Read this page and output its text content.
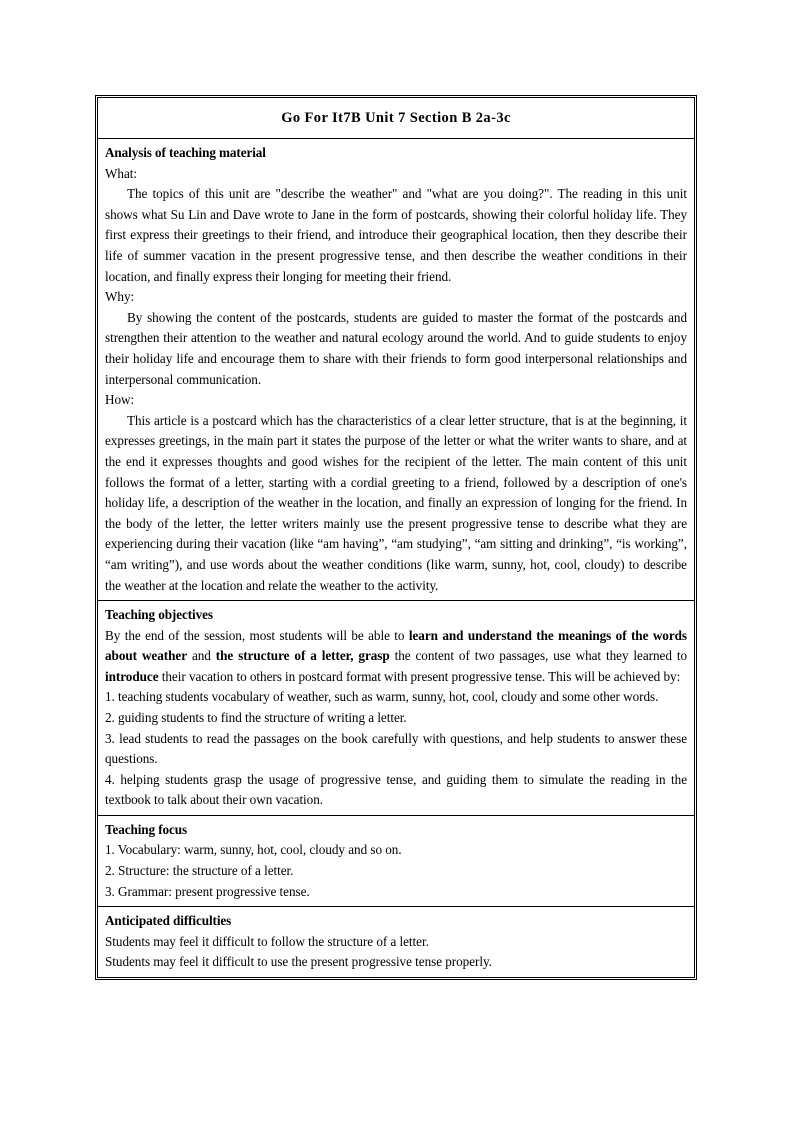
Go For It7B Unit 7 Section B 2a-3c
Analysis of teaching material

What:

The topics of this unit are "describe the weather" and "what are you doing?". The reading in this unit shows what Su Lin and Dave wrote to Jane in the form of postcards, showing their colorful holiday life. They first express their greetings to their friend, and introduce their geographical location, then they describe their life of summer vacation in the present progressive tense, and then describe the weather conditions in their location, and finally express their longing for meeting their friend.

Why:

By showing the content of the postcards, students are guided to master the format of the postcards and strengthen their attention to the weather and natural ecology around the world. And to guide students to enjoy their holiday life and encourage them to share with their friends to form good interpersonal relationships and interpersonal communication.

How:

This article is a postcard which has the characteristics of a clear letter structure, that is at the beginning, it expresses greetings, in the main part it states the purpose of the letter or what the writer wants to share, and at the end it expresses thoughts and good wishes for the recipient of the letter. The main content of this unit follows the format of a letter, starting with a cordial greeting to a friend, followed by a description of one's holiday life, a description of the weather in the location, and finally an expression of longing for the friend. In the body of the letter, the letter writers mainly use the present progressive tense to describe what they are experiencing during their vacation (like “am having”, “am studying”, “am sitting and drinking”, “is working”, “am writing”), and use words about the weather conditions (like warm, sunny, hot, cool, cloudy) to describe the weather at the location and relate the weather to the activity.

Teaching objectives

By the end of the session, most students will be able to learn and understand the meanings of the words about weather and the structure of a letter, grasp the content of two passages, use what they learned to introduce their vacation to others in postcard format with present progressive tense. This will be achieved by:

1. teaching students vocabulary of weather, such as warm, sunny, hot, cool, cloudy and some other words.

2. guiding students to find the structure of writing a letter.

3. lead students to read the passages on the book carefully with questions, and help students to answer these questions.

4. helping students grasp the usage of progressive tense, and guiding them to simulate the reading in the textbook to talk about their own vacation.

Teaching focus

1. Vocabulary: warm, sunny, hot, cool, cloudy and so on.

2. Structure: the structure of a letter.

3. Grammar: present progressive tense.

Anticipated difficulties

Students may feel it difficult to follow the structure of a letter.

Students may feel it difficult to use the present progressive tense properly.
